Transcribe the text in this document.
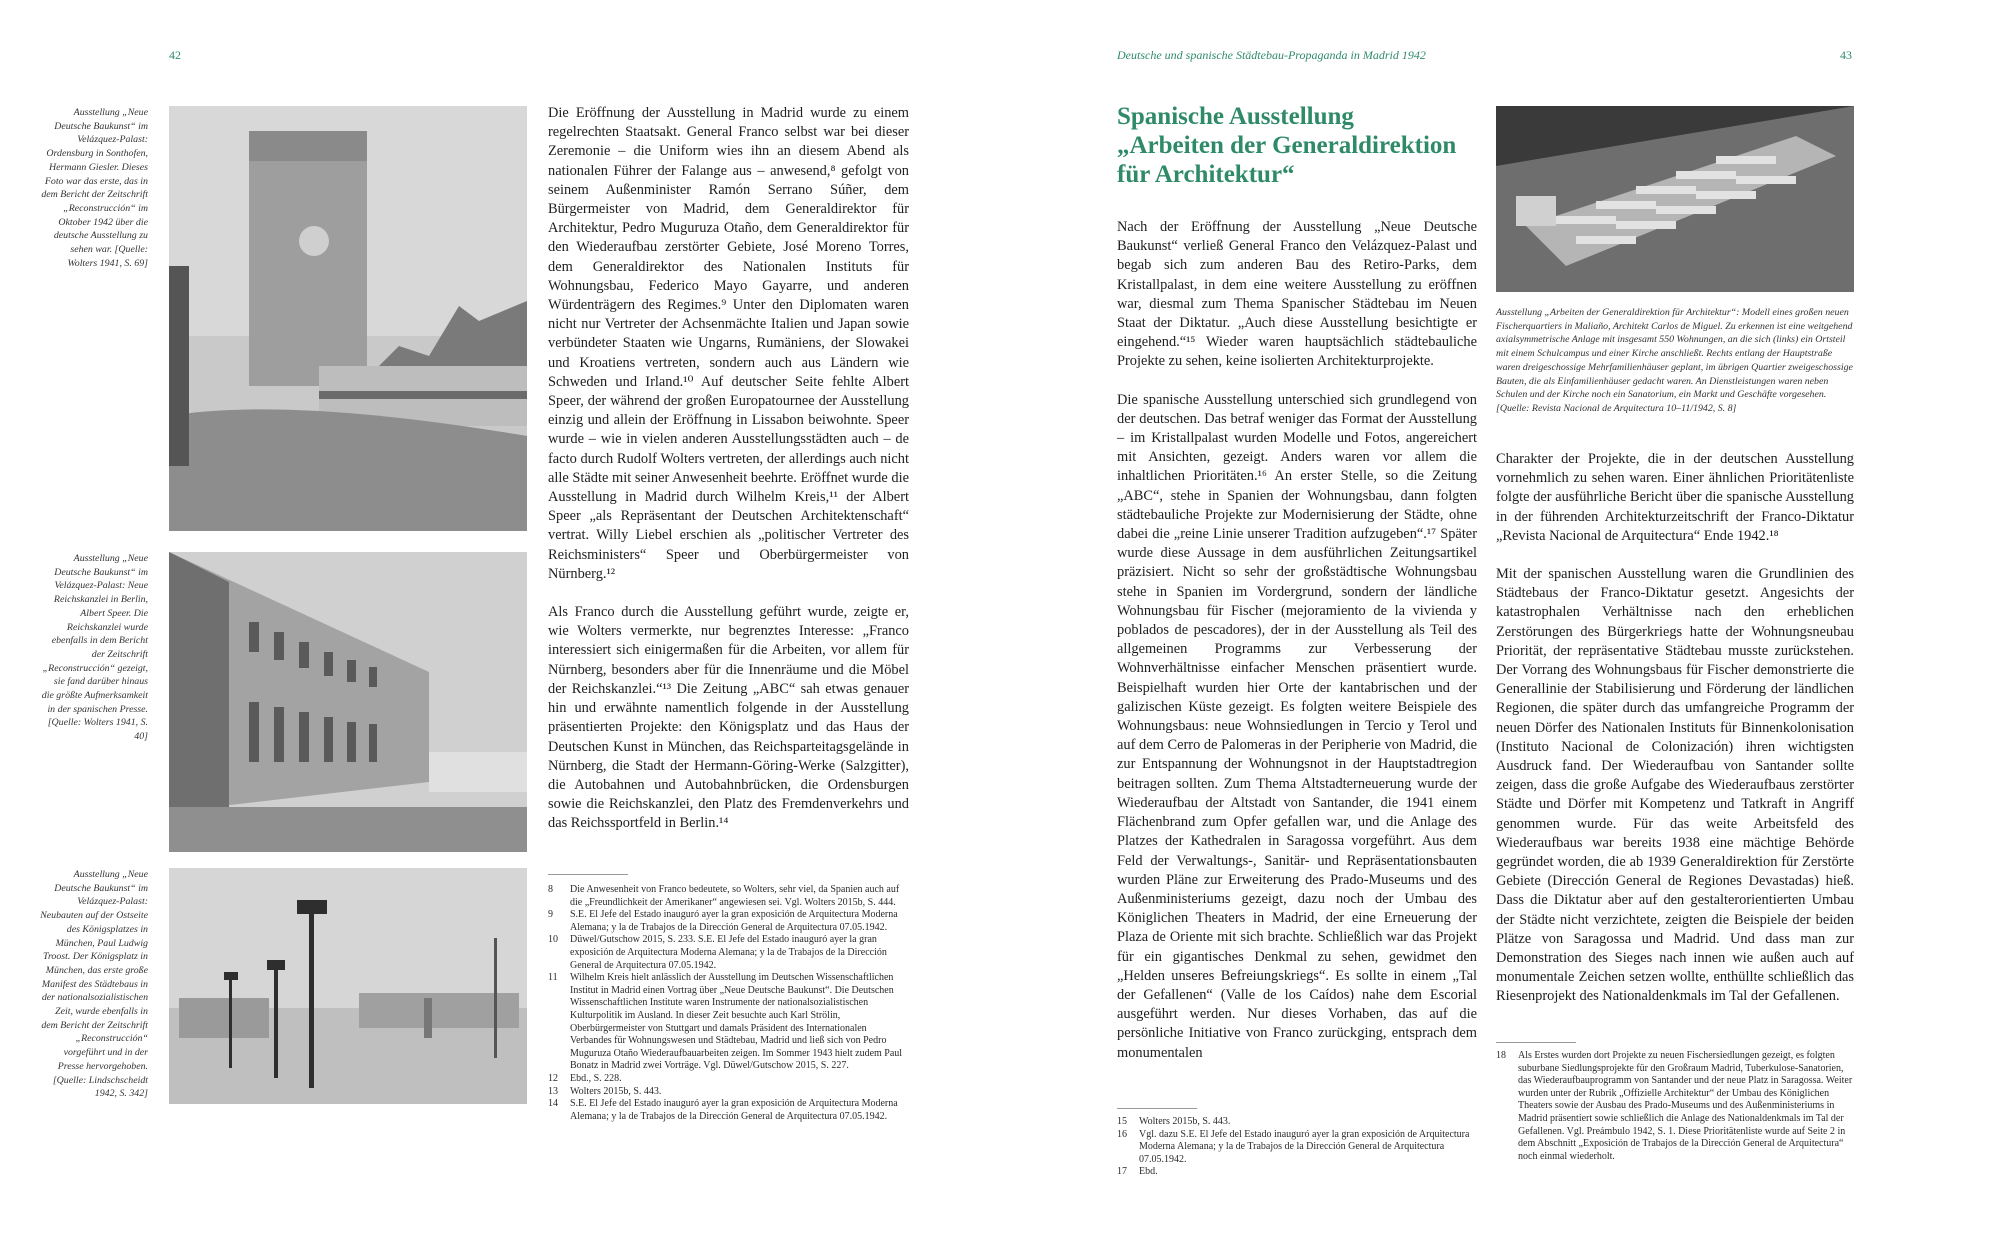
42
Ausstellung „Neue Deutsche Baukunst“ im Velázquez-Palast: Ordensburg in Sonthofen, Hermann Giesler. Dieses Foto war das erste, das in dem Bericht der Zeitschrift „Reconstrucción“ im Oktober 1942 über die deutsche Ausstellung zu sehen war. [Quelle: Wolters 1941, S. 69]
Ausstellung „Neue Deutsche Baukunst“ im Velázquez-Palast: Neue Reichskanzlei in Berlin, Albert Speer. Die Reichskanzlei wurde ebenfalls in dem Bericht der Zeitschrift „Reconstrucción“ gezeigt, sie fand darüber hinaus die größte Aufmerksamkeit in der spanischen Presse. [Quelle: Wolters 1941, S. 40]
Ausstellung „Neue Deutsche Baukunst“ im Velázquez-Palast: Neubauten auf der Ostseite des Königsplatzes in München, Paul Ludwig Troost. Der Königsplatz in München, das erste große Manifest des Städtebaus in der nationalsozialistischen Zeit, wurde ebenfalls in dem Bericht der Zeitschrift „Reconstrucción“ vorgeführt und in der Presse hervorgehoben. [Quelle: Lindschscheidt 1942, S. 342]

Die Eröffnung der Ausstellung in Madrid wurde zu einem regelrechten Staatsakt. General Franco selbst war bei dieser Zeremonie – die Uniform wies ihn an diesem Abend als nationalen Führer der Falange aus – anwesend,⁸ gefolgt von seinem Außenminister Ramón Serrano Súñer, dem Bürgermeister von Madrid, dem Generaldirektor für Architektur, Pedro Muguruza Otaño, dem Generaldirektor für den Wiederaufbau zerstörter Gebiete, José Moreno Torres, dem Generaldirektor des Nationalen Instituts für Wohnungsbau, Federico Mayo Gayarre, und anderen Würdenträgern des Regimes.⁹ Unter den Diplomaten waren nicht nur Vertreter der Achsenmächte Italien und Japan sowie verbündeter Staaten wie Ungarns, Rumäniens, der Slowakei und Kroatiens vertreten, sondern auch aus Ländern wie Schweden und Irland.¹⁰ Auf deutscher Seite fehlte Albert Speer, der während der großen Europatournee der Ausstellung einzig und allein der Eröffnung in Lissabon beiwohnte. Speer wurde – wie in vielen anderen Ausstellungsstädten auch – de facto durch Rudolf Wolters vertreten, der allerdings auch nicht alle Städte mit seiner Anwesenheit beehrte. Eröffnet wurde die Ausstellung in Madrid durch Wilhelm Kreis,¹¹ der Albert Speer „als Repräsentant der Deutschen Architektenschaft“ vertrat. Willy Liebel erschien als „politischer Vertreter des Reichsministers“ Speer und Oberbürgermeister von Nürnberg.¹²

Als Franco durch die Ausstellung geführt wurde, zeigte er, wie Wolters vermerkte, nur begrenztes Interesse: „Franco interessiert sich einigermaßen für die Arbeiten, vor allem für Nürnberg, besonders aber für die Innenräume und die Möbel der Reichskanzlei.“¹³ Die Zeitung „ABC“ sah etwas genauer hin und erwähnte namentlich folgende in der Ausstellung präsentierten Projekte: den Königsplatz und das Haus der Deutschen Kunst in München, das Reichsparteitagsgelände in Nürnberg, die Stadt der Hermann-Göring-Werke (Salzgitter), die Autobahnen und Autobahnbrücken, die Ordensburgen sowie die Reichskanzlei, den Platz des Fremdenverkehrs und das Reichssportfeld in Berlin.¹⁴

8	Die Anwesenheit von Franco bedeutete, so Wolters, sehr viel, da Spanien auch auf die „Freundlichkeit der Amerikaner“ angewiesen sei. Vgl. Wolters 2015b, S. 444.
9	S.E. El Jefe del Estado inauguró ayer la gran exposición de Arquitectura Moderna Alemana; y la de Trabajos de la Dirección General de Arquitectura 07.05.1942.
10	Düwel/Gutschow 2015, S. 233. S.E. El Jefe del Estado inauguró ayer la gran exposición de Arquitectura Moderna Alemana; y la de Trabajos de la Dirección General de Arquitectura 07.05.1942.
11	Wilhelm Kreis hielt anlässlich der Ausstellung im Deutschen Wissenschaftlichen Institut in Madrid einen Vortrag über „Neue Deutsche Baukunst“. Die Deutschen Wissenschaftlichen Institute waren Instrumente der nationalsozialistischen Kulturpolitik im Ausland. In dieser Zeit besuchte auch Karl Strölin, Oberbürgermeister von Stuttgart und damals Präsident des Internationalen Verbandes für Wohnungswesen und Städtebau, Madrid und ließ sich von Pedro Muguruza Otaño Wiederaufbauarbeiten zeigen. Im Sommer 1943 hielt zudem Paul Bonatz in Madrid zwei Vorträge. Vgl. Düwel/Gutschow 2015, S. 227.
12	Ebd., S. 228.
13	Wolters 2015b, S. 443.
14	S.E. El Jefe del Estado inauguró ayer la gran exposición de Arquitectura Moderna Alemana; y la de Trabajos de la Dirección General de Arquitectura 07.05.1942.
Deutsche und spanische Städtebau-Propaganda in Madrid 1942	43
Spanische Ausstellung
„Arbeiten der Generaldirektion
für Architektur“
Ausstellung „Arbeiten der Generaldirektion für Architektur“: Modell eines großen neuen Fischerquartiers in Maliaño, Architekt Carlos de Miguel. Zu erkennen ist eine weitgehend axialsymmetrische Anlage mit insgesamt 550 Wohnungen, an die sich (links) ein Ortsteil mit einem Schulcampus und einer Kirche anschließt. Rechts entlang der Hauptstraße waren dreigeschossige Mehrfamilienhäuser geplant, im übrigen Quartier zweigeschossige Bauten, die als Einfamilienhäuser gedacht waren. An Dienstleistungen waren neben Schulen und der Kirche noch ein Sanatorium, ein Markt und Geschäfte vorgesehen. [Quelle: Revista Nacional de Arquitectura 10–11/1942, S. 8]

Nach der Eröffnung der Ausstellung „Neue Deutsche Baukunst“ verließ General Franco den Velázquez-Palast und begab sich zum anderen Bau des Retiro-Parks, dem Kristallpalast, in dem eine weitere Ausstellung zu eröffnen war, diesmal zum Thema Spanischer Städtebau im Neuen Staat der Diktatur. „Auch diese Ausstellung besichtigte er eingehend.“¹⁵ Wieder waren hauptsächlich städtebauliche Projekte zu sehen, keine isolierten Architekturprojekte.

Die spanische Ausstellung unterschied sich grundlegend von der deutschen. Das betraf weniger das Format der Ausstellung – im Kristallpalast wurden Modelle und Fotos, angereichert mit Ansichten, gezeigt. Anders waren vor allem die inhaltlichen Prioritäten.¹⁶ An erster Stelle, so die Zeitung „ABC“, stehe in Spanien der Wohnungsbau, dann folgten städtebauliche Projekte zur Modernisierung der Städte, ohne dabei die „reine Linie unserer Tradition aufzugeben“.¹⁷ Später wurde diese Aussage in dem ausführlichen Zeitungsartikel präzisiert. Nicht so sehr der großstädtische Wohnungsbau stehe in Spanien im Vordergrund, sondern der ländliche Wohnungsbau für Fischer (mejoramiento de la vivienda y poblados de pescadores), der in der Ausstellung als Teil des allgemeinen Programms zur Verbesserung der Wohnverhältnisse einfacher Menschen präsentiert wurde. Beispielhaft wurden hier Orte der kantabrischen und der galizischen Küste gezeigt. Es folgten weitere Beispiele des Wohnungsbaus: neue Wohnsiedlungen in Tercio y Terol und auf dem Cerro de Palomeras in der Peripherie von Madrid, die zur Entspannung der Wohnungsnot in der Hauptstadtregion beitragen sollten. Zum Thema Altstadterneuerung wurde der Wiederaufbau der Altstadt von Santander, die 1941 einem Flächenbrand zum Opfer gefallen war, und die Anlage des Platzes der Kathedralen in Saragossa vorgeführt. Aus dem Feld der Verwaltungs-, Sanitär- und Repräsentationsbauten wurden Pläne zur Erweiterung des Prado-Museums und des Außenministeriums gezeigt, dazu noch der Umbau des Königlichen Theaters in Madrid, der eine Erneuerung der Plaza de Oriente mit sich brachte. Schließlich war das Projekt für ein gigantisches Denkmal zu sehen, gewidmet den „Helden unseres Befreiungskriegs“. Es sollte in einem „Tal der Gefallenen“ (Valle de los Caídos) nahe dem Escorial ausgeführt werden. Nur dieses Vorhaben, das auf die persönliche Initiative von Franco zurückging, entsprach dem monumentalen

Charakter der Projekte, die in der deutschen Ausstellung vornehmlich zu sehen waren. Einer ähnlichen Prioritätenliste folgte der ausführliche Bericht über die spanische Ausstellung in der führenden Architekturzeitschrift der Franco-Diktatur „Revista Nacional de Arquitectura“ Ende 1942.¹⁸

Mit der spanischen Ausstellung waren die Grundlinien des Städtebaus der Franco-Diktatur gesetzt. Angesichts der katastrophalen Verhältnisse nach den erheblichen Zerstörungen des Bürgerkriegs hatte der Wohnungsneubau Priorität, der repräsentative Städtebau musste zurückstehen. Der Vorrang des Wohnungsbaus für Fischer demonstrierte die Generallinie der Stabilisierung und Förderung der ländlichen Regionen, die später durch das umfangreiche Programm der neuen Dörfer des Nationalen Instituts für Binnenkolonisation (Instituto Nacional de Colonización) ihren wichtigsten Ausdruck fand. Der Wiederaufbau von Santander sollte zeigen, dass die große Aufgabe des Wiederaufbaus zerstörter Städte und Dörfer mit Kompetenz und Tatkraft in Angriff genommen wurde. Für das weite Arbeitsfeld des Wiederaufbaus war bereits 1938 eine mächtige Behörde gegründet worden, die ab 1939 Generaldirektion für Zerstörte Gebiete (Dirección General de Regiones Devastadas) hieß. Dass die Diktatur aber auf den gestalterorientierten Umbau der Städte nicht verzichtete, zeigten die Beispiele der beiden Plätze von Saragossa und Madrid. Und dass man zur Demonstration des Sieges nach innen wie außen auch auf monumentale Zeichen setzen wollte, enthüllte schließlich das Riesenprojekt des Nationaldenkmals im Tal der Gefallenen.

15	Wolters 2015b, S. 443.
16	Vgl. dazu S.E. El Jefe del Estado inauguró ayer la gran exposición de Arquitectura Moderna Alemana; y la de Trabajos de la Dirección General de Arquitectura 07.05.1942.
17	Ebd.
18	Als Erstes wurden dort Projekte zu neuen Fischersiedlungen gezeigt, es folgten suburbane Siedlungsprojekte für den Großraum Madrid, Tuberkulose-Sanatorien, das Wiederaufbauprogramm von Santander und der neue Platz in Saragossa. Weiter wurden unter der Rubrik „Offizielle Architektur“ der Umbau des Königlichen Theaters sowie der Ausbau des Prado-Museums und des Außenministeriums in Madrid präsentiert sowie schließlich die Anlage des Nationaldenkmals im Tal der Gefallenen. Vgl. Preámbulo 1942, S. 1. Diese Prioritätenliste wurde auf Seite 2 in dem Abschnitt „Exposición de Trabajos de la Dirección General de Arquitectura“ noch einmal wiederholt.
